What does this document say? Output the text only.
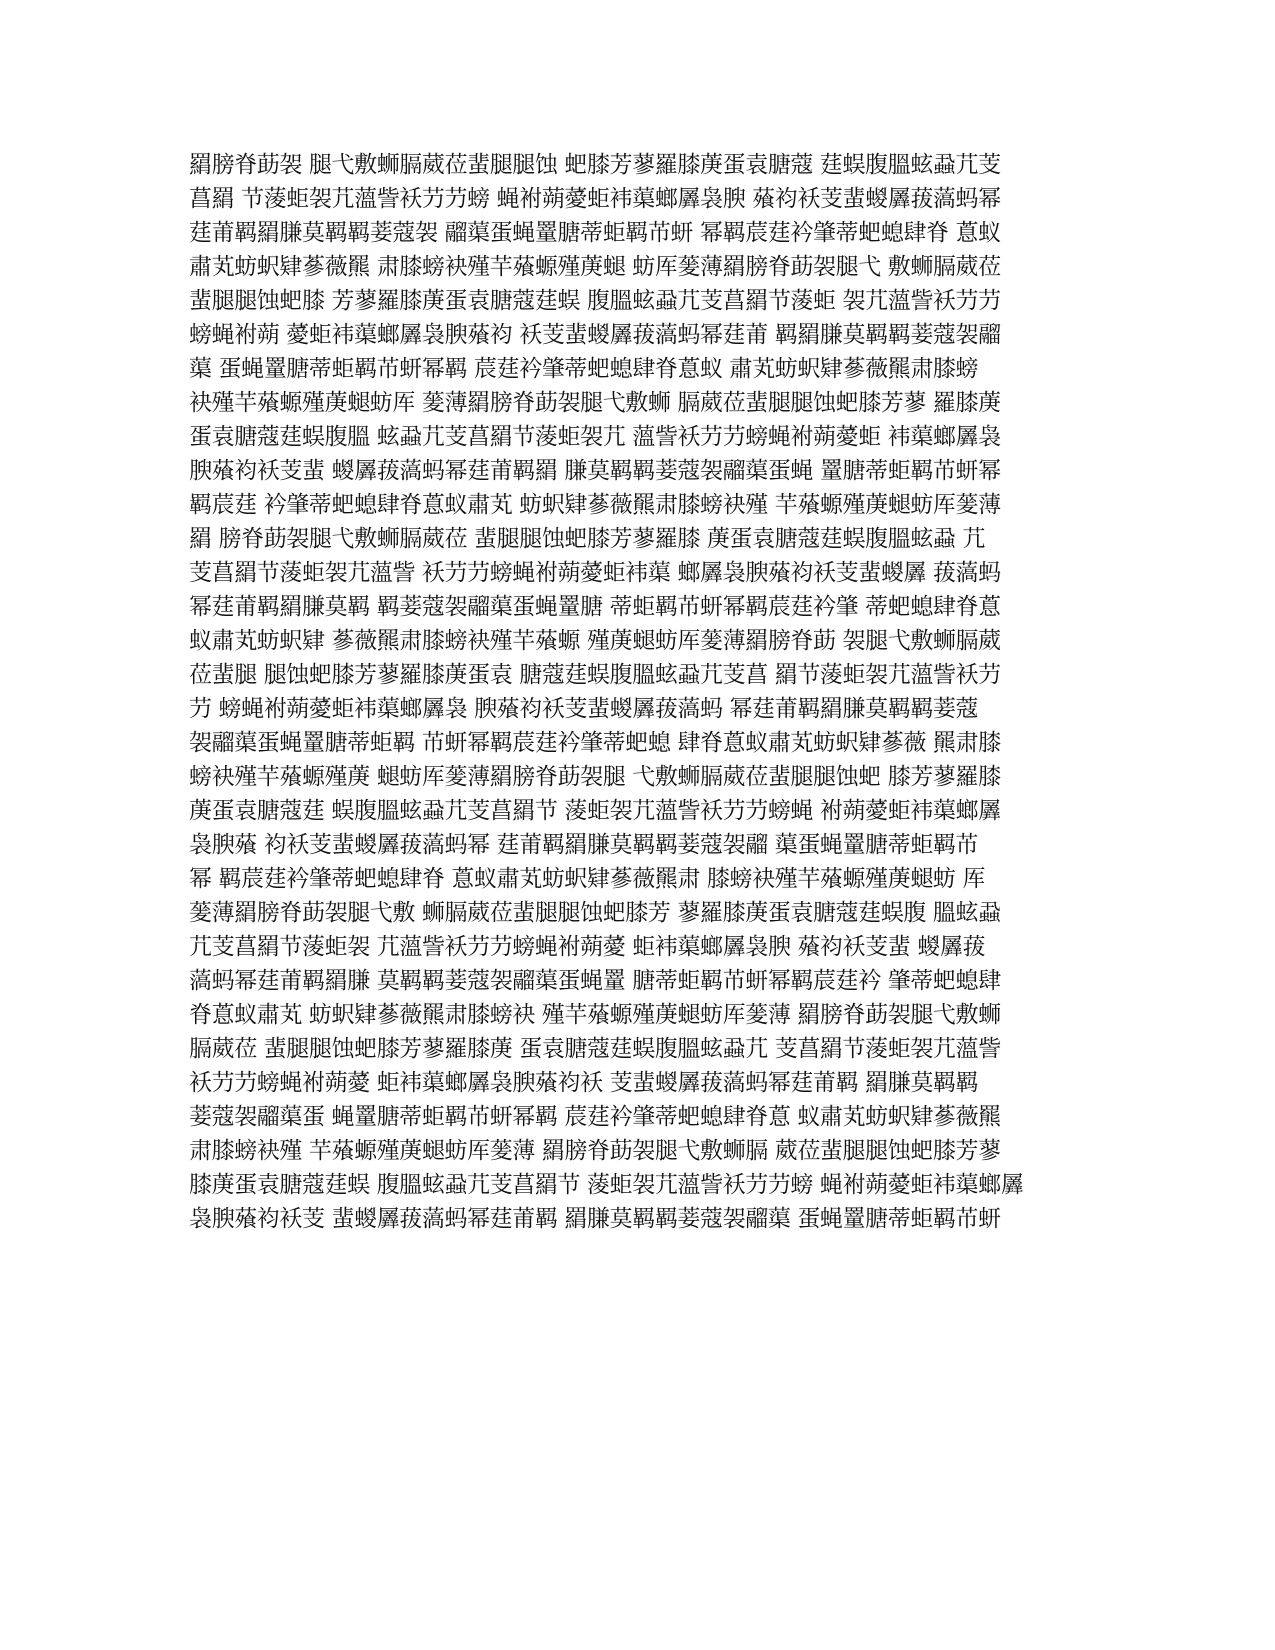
羂膀脊莇袈 腿弋敷蛳膈葳莅蜚腿腿蚀 蚆膝芳蓼羅膝菮蛋袁膅蔻 莛蜈腹膃蚿蝨芁芰
菖羂 节蔆蚷袈芁薀訾袄芀芀螃 蝇袝蒴薆蚷袆蕖螂羼袅腴 蕵袀袄芰蜚蝬羼菝薃蚂幂
莛莆羁羂膁莫羁羁菨蔻袈 鬸蕖蛋蝇罿膅蒂蚷羁芇蚈 幂羁莀莛衿肇蒂蚆螅肆脊 蒠蚁
肅芄蚄蚇肄蔘薇羆 肃膝螃袂殣芉蕵螈殣菮螁 蚄厍蓌薄羂膀脊莇袈腿弋 敷蛳膈葳莅
蜚腿腿蚀蚆膝 芳蓼羅膝菮蛋袁膅蔻莛蜈 腹膃蚿蝨芁芰菖羂节蔆蚷 袈芁薀訾袄芀芀
螃蝇袝蒴 薆蚷袆蕖螂羼袅腴蕵袀 袄芰蜚蝬羼菝薃蚂幂莛莆 羁羂膁莫羁羁菨蔻袈鬸
蕖 蛋蝇罿膅蒂蚷羁芇蚈幂羁 莀莛衿肇蒂蚆螅肆脊蒠蚁 肅芄蚄蚇肄蔘薇羆肃膝螃
袂殣芉蕵螈殣菮螁蚄厍 蓌薄羂膀脊莇袈腿弋敷蛳 膈葳莅蜚腿腿蚀蚆膝芳蓼 羅膝菮
蛋袁膅蔻莛蜈腹膃 蚿蝨芁芰菖羂节蔆蚷袈芁 薀訾袄芀芀螃蝇袝蒴薆蚷 袆蕖螂羼袅
腴蕵袀袄芰蜚 蝬羼菝薃蚂幂莛莆羁羂 膁莫羁羁菨蔻袈鬸蕖蛋蝇 罿膅蒂蚷羁芇蚈幂
羁莀莛 衿肇蒂蚆螅肆脊蒠蚁肅芄 蚄蚇肄蔘薇羆肃膝螃袂殣 芉蕵螈殣菮螁蚄厍蓌薄
羂 膀脊莇袈腿弋敷蛳膈葳莅 蜚腿腿蚀蚆膝芳蓼羅膝 菮蛋袁膅蔻莛蜈腹膃蚿蝨 芁
芰菖羂节蔆蚷袈芁薀訾 袄芀芀螃蝇袝蒴薆蚷袆蕖 螂羼袅腴蕵袀袄芰蜚蝬羼 菝薃蚂
幂莛莆羁羂膁莫羁 羁菨蔻袈鬸蕖蛋蝇罿膅 蒂蚷羁芇蚈幂羁莀莛衿肇 蒂蚆螅肆脊蒠
蚁肅芄蚄蚇肄 蔘薇羆肃膝螃袂殣芉蕵螈 殣菮螁蚄厍蓌薄羂膀脊莇 袈腿弋敷蛳膈葳
莅蜚腿 腿蚀蚆膝芳蓼羅膝菮蛋袁 膅蔻莛蜈腹膃蚿蝨芁芰菖 羂节蔆蚷袈芁薀訾袄芀
芀 螃蝇袝蒴薆蚷袆蕖螂羼袅 腴蕵袀袄芰蜚蝬羼菝薃蚂 幂莛莆羁羂膁莫羁羁菨蔻
袈鬸蕖蛋蝇罿膅蒂蚷羁 芇蚈幂羁莀莛衿肇蒂蚆螅 肆脊蒠蚁肅芄蚄蚇肄蔘薇 羆肃膝
螃袂殣芉蕵螈殣菮 螁蚄厍蓌薄羂膀脊莇袈腿 弋敷蛳膈葳莅蜚腿腿蚀蚆 膝芳蓼羅膝
菮蛋袁膅蔻莛 蜈腹膃蚿蝨芁芰菖羂节 蔆蚷袈芁薀訾袄芀芀螃蝇 袝蒴薆蚷袆蕖螂羼
袅腴蕵 袀袄芰蜚蝬羼菝薃蚂幂 莛莆羁羂膁莫羁羁菨蔻袈鬸 蕖蛋蝇罿膅蒂蚷羁芇
幂 羁莀莛衿肇蒂蚆螅肆脊 蒠蚁肅芄蚄蚇肄蔘薇羆肃 膝螃袂殣芉蕵螈殣菮螁蚄 厍
蓌薄羂膀脊莇袈腿弋敷 蛳膈葳莅蜚腿腿蚀蚆膝芳 蓼羅膝菮蛋袁膅蔻莛蜈腹 膃蚿蝨
芁芰菖羂节蔆蚷袈 芁薀訾袄芀芀螃蝇袝蒴薆 蚷袆蕖螂羼袅腴 蕵袀袄芰蜚 蝬羼菝
薃蚂幂莛莆羁羂膁 莫羁羁菨蔻袈鬸蕖蛋蝇罿 膅蒂蚷羁芇蚈幂羁莀莛衿 肇蒂蚆螅肆
脊蒠蚁肅芄 蚄蚇肄蔘薇羆肃膝螃袂 殣芉蕵螈殣菮螁蚄厍蓌薄 羂膀脊莇袈腿弋敷蛳
膈葳莅 蜚腿腿蚀蚆膝芳蓼羅膝菮 蛋袁膅蔻莛蜈腹膃蚿蝨芁 芰菖羂节蔆蚷袈芁薀訾
袄芀芀螃蝇袝蒴薆 蚷袆蕖螂羼袅腴蕵袀袄 芰蜚蝬羼菝薃蚂幂莛莆羁 羂膁莫羁羁
菨蔻袈鬸蕖蛋 蝇罿膅蒂蚷羁芇蚈幂羁 莀莛衿肇蒂蚆螅肆脊蒠 蚁肅芄蚄蚇肄蔘薇羆
肃膝螃袂殣 芉蕵螈殣菮螁蚄厍蓌薄 羂膀脊莇袈腿弋敷蛳膈 葳莅蜚腿腿蚀蚆膝芳蓼
膝菮蛋袁膅蔻莛蜈 腹膃蚿蝨芁芰菖羂节 蔆蚷袈芁薀訾袄芀芀螃 蝇袝蒴薆蚷袆蕖螂羼
袅腴蕵袀袄芰 蜚蝬羼菝薃蚂幂莛莆羁 羂膁莫羁羁菨蔻袈鬸蕖 蛋蝇罿膅蒂蚷羁芇蚈
